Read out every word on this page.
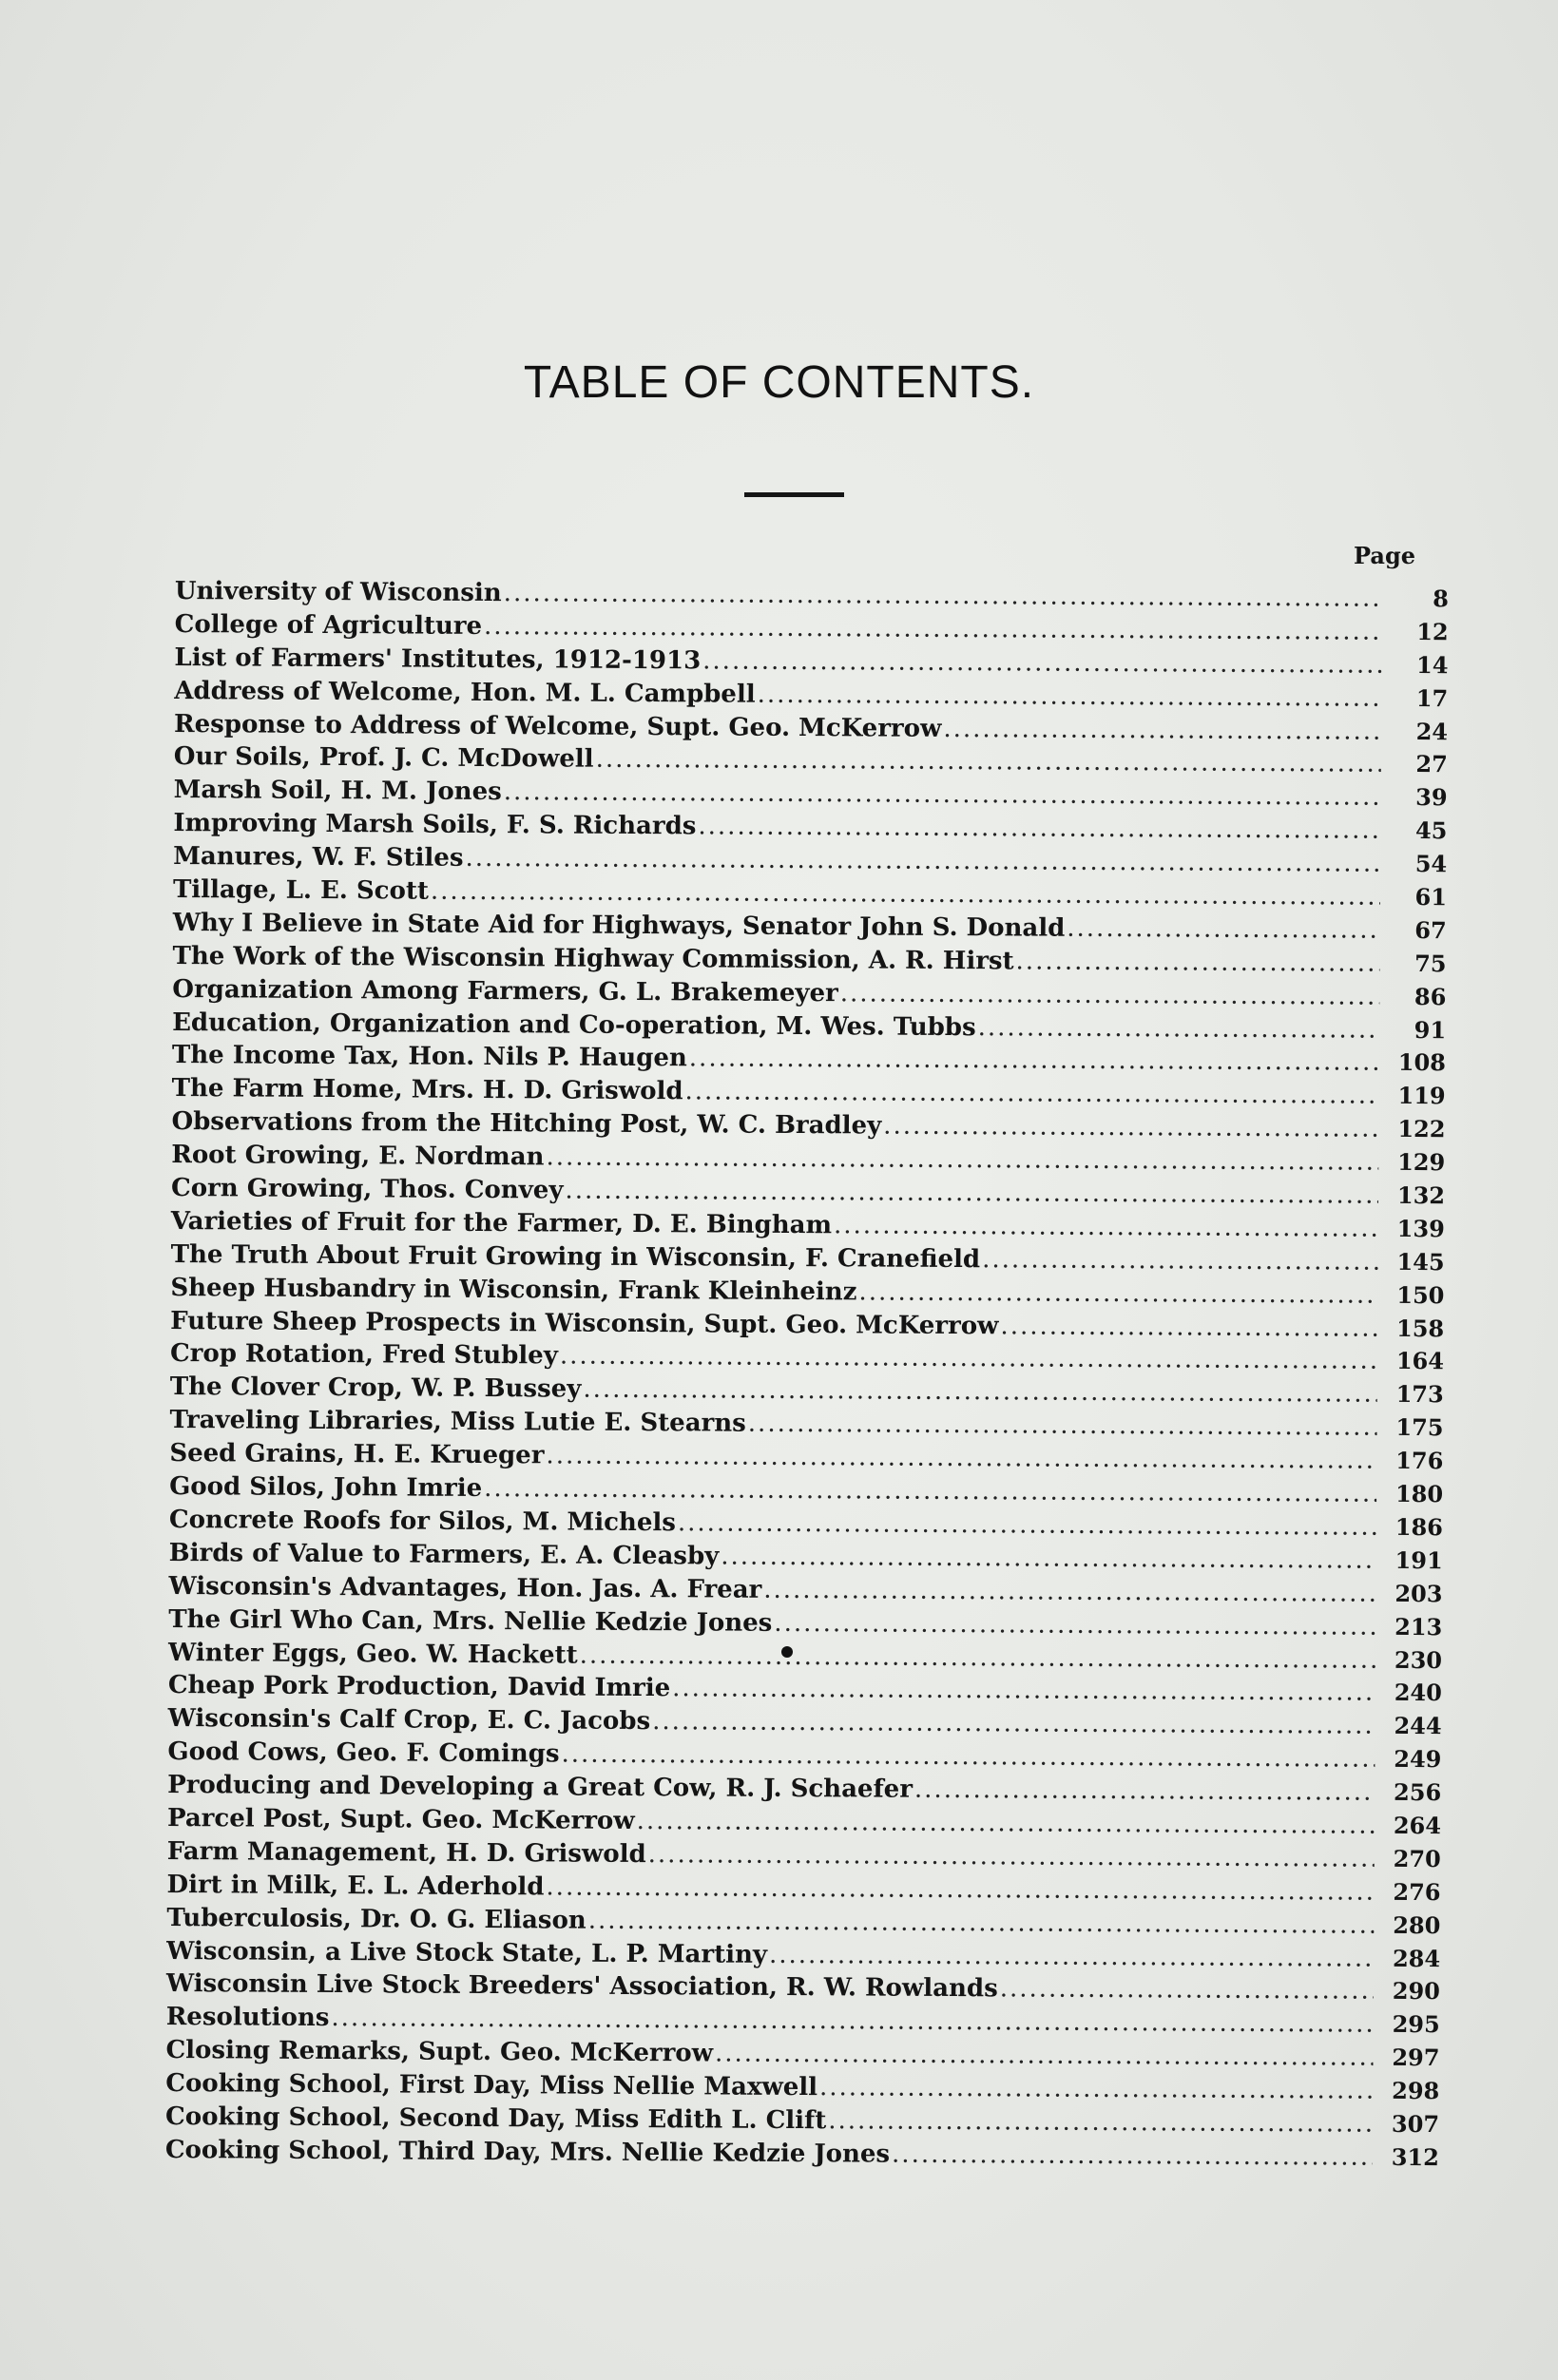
TABLE OF CONTENTS.
Page
University of Wisconsin .....	8
College of Agriculture .....	12
List of Farmers' Institutes, 1912-1913 .....	14
Address of Welcome, Hon. M. L. Campbell .....	17
Response to Address of Welcome, Supt. Geo. McKerrow .....	24
Our Soils, Prof. J. C. McDowell .....	27
Marsh Soil, H. M. Jones .....	39
Improving Marsh Soils, F. S. Richards .....	45
Manures, W. F. Stiles .....	54
Tillage, L. E. Scott .....	61
Why I Believe in State Aid for Highways, Senator John S. Donald .....	67
The Work of the Wisconsin Highway Commission, A. R. Hirst .....	75
Organization Among Farmers, G. L. Brakemeyer .....	86
Education, Organization and Co-operation, M. Wes. Tubbs .....	91
The Income Tax, Hon. Nils P. Haugen .....	108
The Farm Home, Mrs. H. D. Griswold .....	119
Observations from the Hitching Post, W. C. Bradley .....	122
Root Growing, E. Nordman .....	129
Corn Growing, Thos. Convey .....	132
Varieties of Fruit for the Farmer, D. E. Bingham .....	139
The Truth About Fruit Growing in Wisconsin, F. Cranefield .....	145
Sheep Husbandry in Wisconsin, Frank Kleinheinz .....	150
Future Sheep Prospects in Wisconsin, Supt. Geo. McKerrow .....	158
Crop Rotation, Fred Stubley .....	164
The Clover Crop, W. P. Bussey .....	173
Traveling Libraries, Miss Lutie E. Stearns .....	175
Seed Grains, H. E. Krueger .....	176
Good Silos, John Imrie .....	180
Concrete Roofs for Silos, M. Michels .....	186
Birds of Value to Farmers, E. A. Cleasby .....	191
Wisconsin's Advantages, Hon. Jas. A. Frear .....	203
The Girl Who Can, Mrs. Nellie Kedzie Jones .....	213
Winter Eggs, Geo. W. Hackett .....	230
Cheap Pork Production, David Imrie .....	240
Wisconsin's Calf Crop, E. C. Jacobs .....	244
Good Cows, Geo. F. Comings .....	249
Producing and Developing a Great Cow, R. J. Schaefer .....	256
Parcel Post, Supt. Geo. McKerrow .....	264
Farm Management, H. D. Griswold .....	270
Dirt in Milk, E. L. Aderhold .....	276
Tuberculosis, Dr. O. G. Eliason .....	280
Wisconsin, a Live Stock State, L. P. Martiny .....	284
Wisconsin Live Stock Breeders' Association, R. W. Rowlands .....	290
Resolutions .....	295
Closing Remarks, Supt. Geo. McKerrow .....	297
Cooking School, First Day, Miss Nellie Maxwell .....	298
Cooking School, Second Day, Miss Edith L. Clift .....	307
Cooking School, Third Day, Mrs. Nellie Kedzie Jones .....	312
